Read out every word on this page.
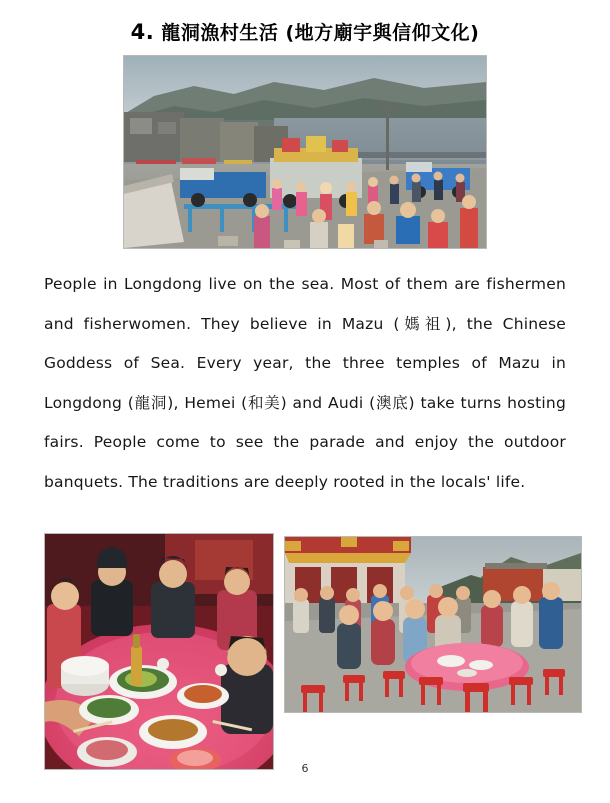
4. 龍洞漁村生活 (地方廟宇與信仰文化)

People in Longdong live on the sea. Most of them are fishermen and fisherwomen. They believe in Mazu (媽祖), the Chinese Goddess of Sea. Every year, the three temples of Mazu in Longdong (龍洞), Hemei (和美) and Audi (澳底) take turns hosting fairs. People come to see the parade and enjoy the outdoor banquets. The traditions are deeply rooted in the locals' life.

6
